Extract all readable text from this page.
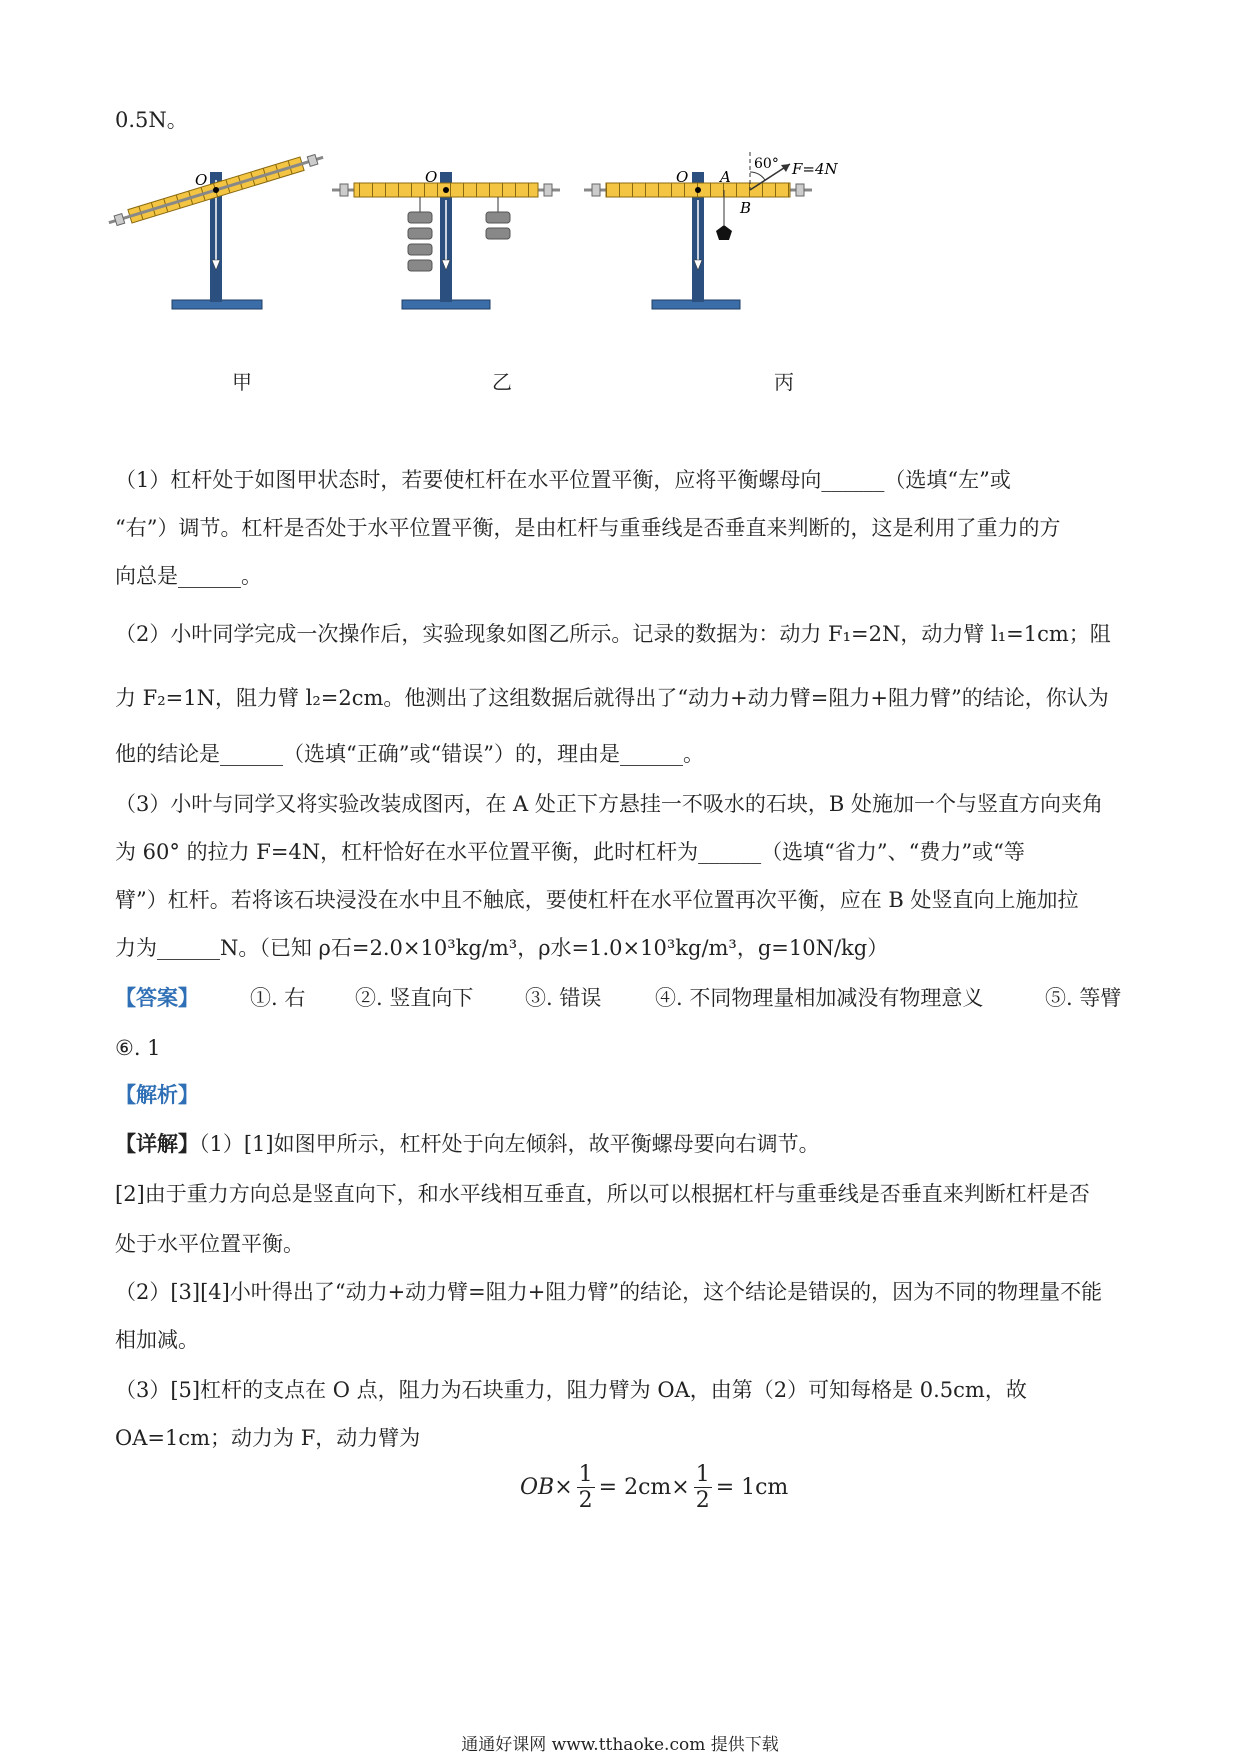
0.5N。
O	O	O A
B
60° F=4N
甲	乙	丙
（1）杠杆处于如图甲状态时，若要使杠杆在水平位置平衡，应将平衡螺母向______（选填“左”或
“右”）调节。杠杆是否处于水平位置平衡，是由杠杆与重垂线是否垂直来判断的，这是利用了重力的方
向总是______。
（2）小叶同学完成一次操作后，实验现象如图乙所示。记录的数据为：动力 F₁=2N，动力臂 l₁=1cm；阻
力 F₂=1N，阻力臂 l₂=2cm。他测出了这组数据后就得出了“动力+动力臂=阻力+阻力臂”的结论，你认为
他的结论是______（选填“正确”或“错误”）的，理由是______。
（3）小叶与同学又将实验改装成图丙，在 A 处正下方悬挂一不吸水的石块，B 处施加一个与竖直方向夹角
为 60° 的拉力 F=4N，杠杆恰好在水平位置平衡，此时杠杆为______（选填“省力”、“费力”或“等
臂”）杠杆。若将该石块浸没在水中且不触底，要使杠杆在水平位置再次平衡，应在 B 处竖直向上施加拉
力为______N。（已知 ρ石=2.0×10³kg/m³，ρ水=1.0×10³kg/m³，g=10N/kg）
【答案】 ①. 右 ②. 竖直向下 ③. 错误	④. 不同物理量相加减没有物理意义	⑤. 等臂
⑥. 1
【解析】
【详解】（1）[1]如图甲所示，杠杆处于向左倾斜，故平衡螺母要向右调节。
[2]由于重力方向总是竖直向下，和水平线相互垂直，所以可以根据杠杆与重垂线是否垂直来判断杠杆是否
处于水平位置平衡。
（2）[3][4]小叶得出了“动力+动力臂=阻力+阻力臂”的结论，这个结论是错误的，因为不同的物理量不能
相加减。
（3）[5]杠杆的支点在 O 点，阻力为石块重力，阻力臂为 OA，由第（2）可知每格是 0.5cm，故
OA=1cm；动力为 F，动力臂为
OB×
1
2
= 2cm×
1
2
= 1cm
通通好课网 www.tthaoke.com 提供下载
